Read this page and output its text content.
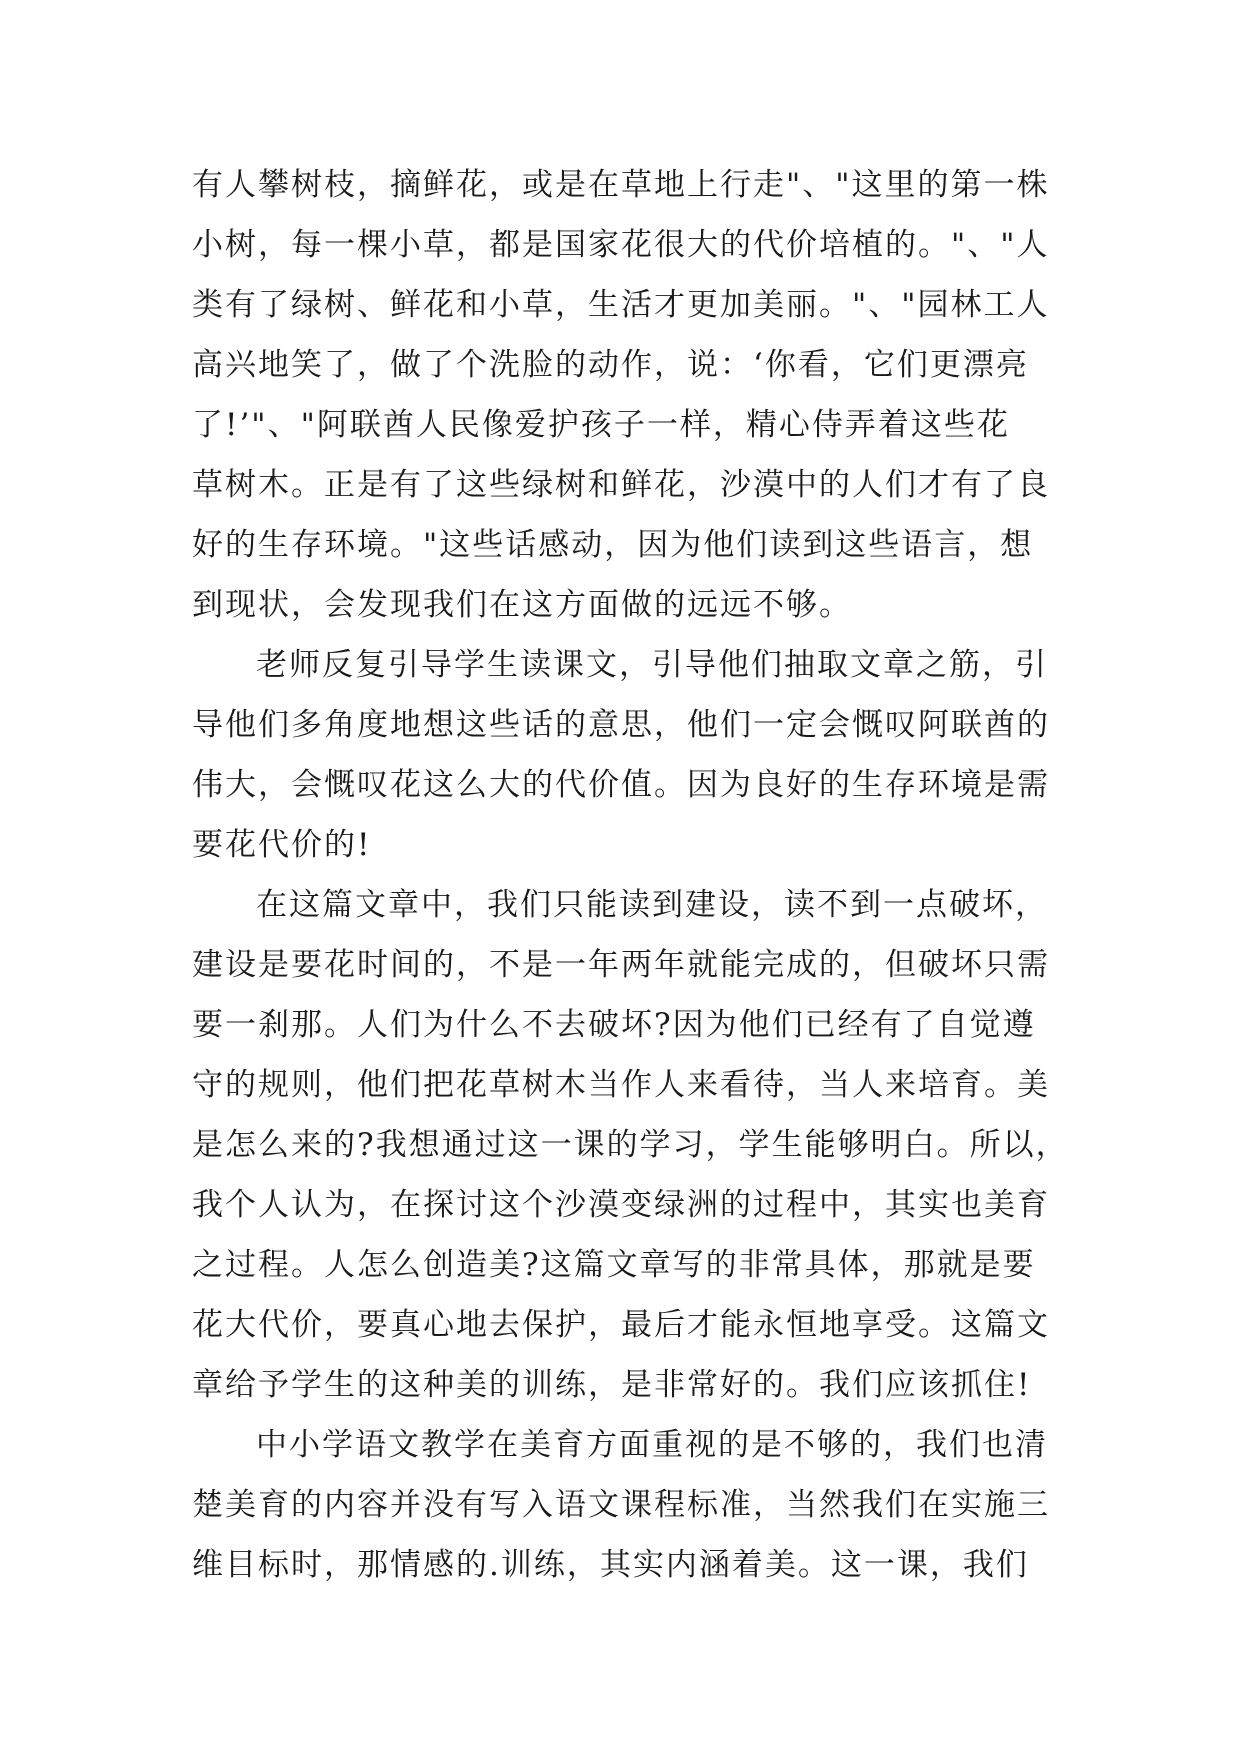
有人攀树枝，摘鲜花，或是在草地上行走"、"这里的第一株
小树，每一棵小草，都是国家花很大的代价培植的。"、"人
类有了绿树、鲜花和小草，生活才更加美丽。"、"园林工人
高兴地笑了，做了个洗脸的动作，说：‘你看，它们更漂亮
了!’"、"阿联酋人民像爱护孩子一样，精心侍弄着这些花
草树木。正是有了这些绿树和鲜花，沙漠中的人们才有了良
好的生存环境。"这些话感动，因为他们读到这些语言，想
到现状，会发现我们在这方面做的远远不够。

老师反复引导学生读课文，引导他们抽取文章之筋，引
导他们多角度地想这些话的意思，他们一定会慨叹阿联酋的
伟大，会慨叹花这么大的代价值。因为良好的生存环境是需
要花代价的!

在这篇文章中，我们只能读到建设，读不到一点破坏，
建设是要花时间的，不是一年两年就能完成的，但破坏只需
要一刹那。人们为什么不去破坏?因为他们已经有了自觉遵
守的规则，他们把花草树木当作人来看待，当人来培育。美
是怎么来的?我想通过这一课的学习，学生能够明白。所以，
我个人认为，在探讨这个沙漠变绿洲的过程中，其实也美育
之过程。人怎么创造美?这篇文章写的非常具体，那就是要
花大代价，要真心地去保护，最后才能永恒地享受。这篇文
章给予学生的这种美的训练，是非常好的。我们应该抓住!

中小学语文教学在美育方面重视的是不够的，我们也清
楚美育的内容并没有写入语文课程标准，当然我们在实施三
维目标时，那情感的.训练，其实内涵着美。这一课，我们
